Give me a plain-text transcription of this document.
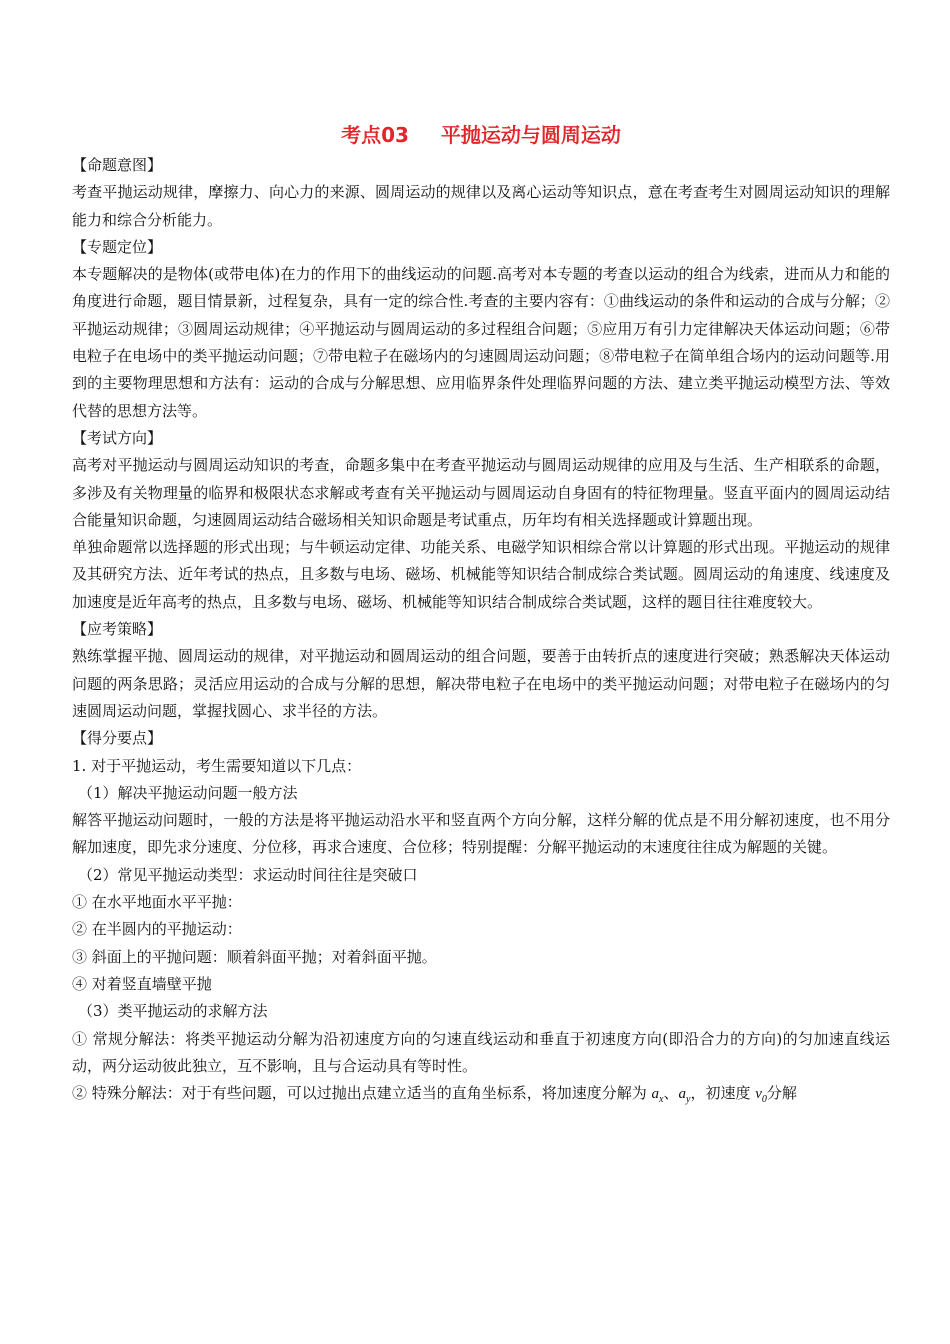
考点03 平抛运动与圆周运动

【命题意图】

考查平抛运动规律，摩擦力、向心力的来源、圆周运动的规律以及离心运动等知识点，意在考查考生对圆周运动知识的理解能力和综合分析能力。

【专题定位】

本专题解决的是物体(或带电体)在力的作用下的曲线运动的问题.高考对本专题的考查以运动的组合为线索，进而从力和能的角度进行命题，题目情景新，过程复杂，具有一定的综合性.考查的主要内容有：①曲线运动的条件和运动的合成与分解；②平抛运动规律；③圆周运动规律；④平抛运动与圆周运动的多过程组合问题；⑤应用万有引力定律解决天体运动问题；⑥带电粒子在电场中的类平抛运动问题；⑦带电粒子在磁场内的匀速圆周运动问题；⑧带电粒子在简单组合场内的运动问题等.用到的主要物理思想和方法有：运动的合成与分解思想、应用临界条件处理临界问题的方法、建立类平抛运动模型方法、等效代替的思想方法等。

【考试方向】

高考对平抛运动与圆周运动知识的考查，命题多集中在考查平抛运动与圆周运动规律的应用及与生活、生产相联系的命题，多涉及有关物理量的临界和极限状态求解或考查有关平抛运动与圆周运动自身固有的特征物理量。竖直平面内的圆周运动结合能量知识命题，匀速圆周运动结合磁场相关知识命题是考试重点，历年均有相关选择题或计算题出现。

单独命题常以选择题的形式出现；与牛顿运动定律、功能关系、电磁学知识相综合常以计算题的形式出现。平抛运动的规律及其研究方法、近年考试的热点，且多数与电场、磁场、机械能等知识结合制成综合类试题。圆周运动的角速度、线速度及加速度是近年高考的热点，且多数与电场、磁场、机械能等知识结合制成综合类试题，这样的题目往往难度较大。

【应考策略】

熟练掌握平抛、圆周运动的规律，对平抛运动和圆周运动的组合问题，要善于由转折点的速度进行突破；熟悉解决天体运动问题的两条思路；灵活应用运动的合成与分解的思想，解决带电粒子在电场中的类平抛运动问题；对带电粒子在磁场内的匀速圆周运动问题，掌握找圆心、求半径的方法。

【得分要点】

1. 对于平抛运动，考生需要知道以下几点：

（1）解决平抛运动问题一般方法

解答平抛运动问题时，一般的方法是将平抛运动沿水平和竖直两个方向分解，这样分解的优点是不用分解初速度，也不用分解加速度，即先求分速度、分位移，再求合速度、合位移；特别提醒：分解平抛运动的末速度往往成为解题的关键。

（2）常见平抛运动类型：求运动时间往往是突破口

① 在水平地面水平平抛：

② 在半圆内的平抛运动：

③ 斜面上的平抛问题：顺着斜面平抛；对着斜面平抛。

④ 对着竖直墙壁平抛

（3）类平抛运动的求解方法

① 常规分解法：将类平抛运动分解为沿初速度方向的匀速直线运动和垂直于初速度方向(即沿合力的方向)的匀加速直线运动，两分运动彼此独立，互不影响，且与合运动具有等时性。

② 特殊分解法：对于有些问题，可以过抛出点建立适当的直角坐标系，将加速度分解为 $a_x$、$a_y$，初速度 $v_0$分解
